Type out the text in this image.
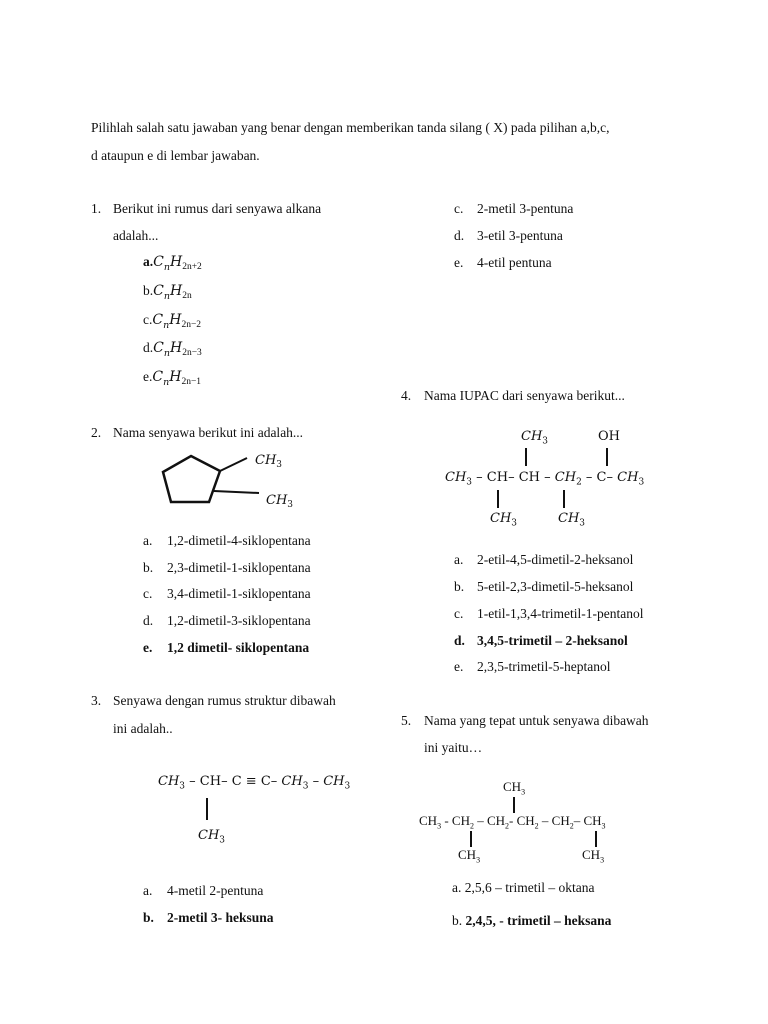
Pilihlah salah satu jawaban yang benar dengan memberikan tanda silang ( X) pada pilihan a,b,c,
d ataupun e di lembar jawaban.
1. Berikut ini rumus dari senyawa alkana
adalah...
$a.C_nH_{2n+2}$
$b.C_nH_{2n}$
$c.C_nH_{2n-2}$
$d.C_nH_{2n-3}$
$e.C_nH_{2n-1}$
2. Nama senyawa berikut ini adalah...
$CH_3$
$CH_3$
a. 1,2-dimetil-4-siklopentana
b. 2,3-dimetil-1-siklopentana
c. 3,4-dimetil-1-siklopentana
d. 1,2-dimetil-3-siklopentana
e. 1,2 dimetil- siklopentana
3. Senyawa dengan rumus struktur dibawah
ini adalah..
$CH_3 - CH-$ C ≡ C– $CH_3 - CH_3$
$CH_3$
a. 4-metil 2-pentuna
b. 2-metil 3- heksuna
c. 2-metil 3-pentuna
d. 3-etil 3-pentuna
e. 4-etil pentuna
4. Nama IUPAC dari senyawa berikut...
$CH_3$	OH
$CH_3 - CH-$ CH – $CH_2 - C-$ $CH_3$
$CH_3$	$CH_3$
a. 2-etil-4,5-dimetil-2-heksanol
b. 5-etil-2,3-dimetil-5-heksanol
c. 1-etil-1,3,4-trimetil-1-pentanol
d. 3,4,5-trimetil – 2-heksanol
e. 2,3,5-trimetil-5-heptanol
5. Nama yang tepat untuk senyawa dibawah
ini yaitu…
$CH_3$
$CH_3 - CH_2 - CH_2-$ $CH_2 - CH_2-$ $CH_3$
$CH_3$	$CH_3$
a. 2,5,6 – trimetil – oktana
b. 2,4,5, - trimetil – heksana
